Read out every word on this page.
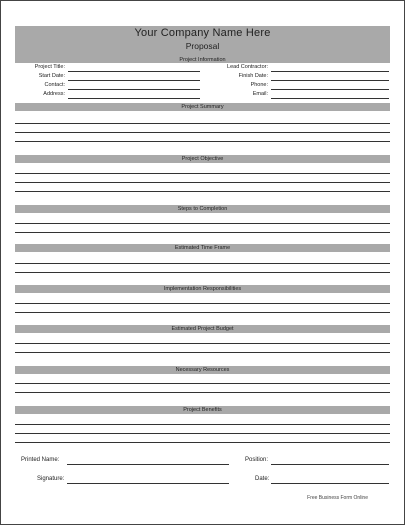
Your Company Name Here
Proposal
Project Information
Project Title:
Start Date:
Contact:
Address:
Lead Contractor:
Finish Date:
Phone:
Email:
Project Summary
Project Objective
Steps to Completion
Estimated Time Frame
Implementation Responsibilities
Estimated Project Budget
Necessary Resources
Project Benefits
Printed Name:	Position:
Signature:	Date:
Free Business Form Online
